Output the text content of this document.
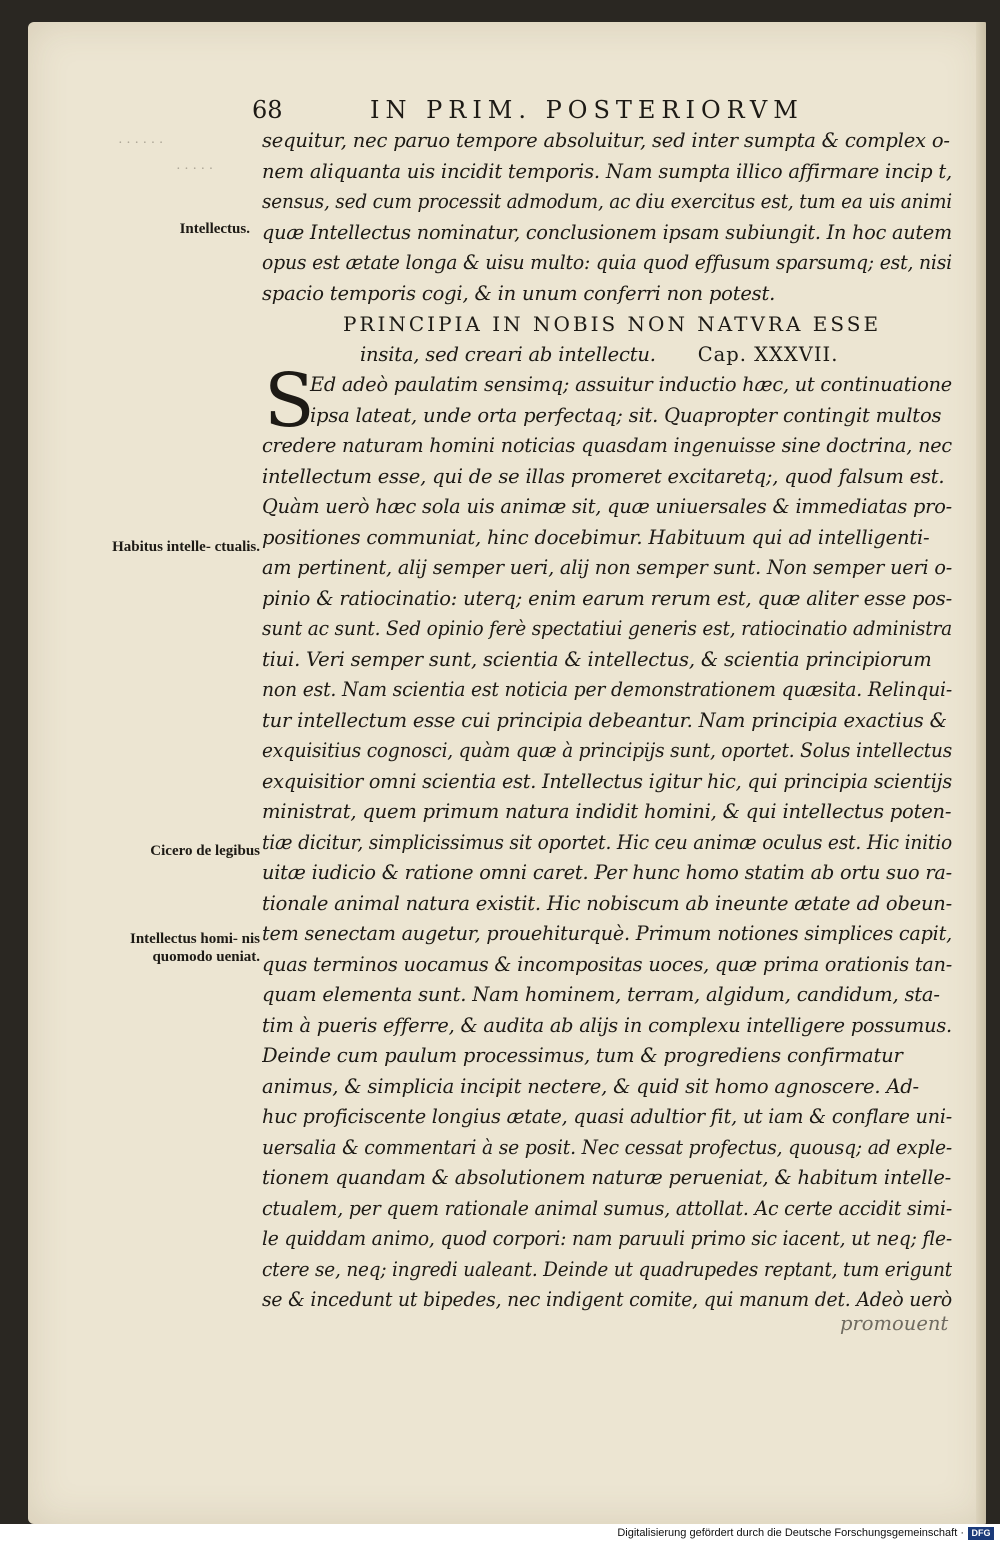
68	IN PRIM. POSTERIORVM
Intellectus.
Habitus intelle‐ ctualis.
Cicero de legibus
Intellectus homi‐ nis quomodo ueniat.
· · · · · ·
· · · · ·
S
sequitur, nec paruo tempore absoluitur, sed inter sumpta & complex o‐
nem aliquanta uis incidit temporis. Nam sumpta illico affirmare incip t,
sensus, sed cum processit admodum, ac diu exercitus est, tum ea uis animi
quæ Intellectus nominatur, conclusionem ipsam subiungit. In hoc autem
opus est ætate longa & uisu multo: quia quod effusum sparsumq; est, nisi
spacio temporis cogi, & in unum conferri non potest.
PRINCIPIA IN NOBIS NON NATVRA ESSE
insita, sed creari ab intellectu. Cap. XXXVII.
Ed adeò paulatim sensimq; assuitur inductio hæc, ut continuatione
ipsa lateat, unde orta perfectaq; sit. Quapropter contingit multos
credere naturam homini noticias quasdam ingenuisse sine doctrina, nec
intellectum esse, qui de se illas promeret excitaretq;, quod falsum est.
Quàm uerò hæc sola uis animæ sit, quæ uniuersales & immediatas pro‐
positiones communiat, hinc docebimur. Habituum qui ad intelligenti‐
am pertinent, alij semper ueri, alij non semper sunt. Non semper ueri o‐
pinio & ratiocinatio: uterq; enim earum rerum est, quæ aliter esse pos‐
sunt ac sunt. Sed opinio ferè spectatiui generis est, ratiocinatio administra
tiui. Veri semper sunt, scientia & intellectus, & scientia principiorum
non est. Nam scientia est noticia per demonstrationem quæsita. Relinqui‐
tur intellectum esse cui principia debeantur. Nam principia exactius &
exquisitius cognosci, quàm quæ à principijs sunt, oportet. Solus intellectus
exquisitior omni scientia est. Intellectus igitur hic, qui principia scientijs
ministrat, quem primum natura indidit homini, & qui intellectus poten‐
tiæ dicitur, simplicissimus sit oportet. Hic ceu animæ oculus est. Hic initio
uitæ iudicio & ratione omni caret. Per hunc homo statim ab ortu suo ra‐
tionale animal natura existit. Hic nobiscum ab ineunte ætate ad obeun‐
tem senectam augetur, prouehiturquè. Primum notiones simplices capit,
quas terminos uocamus & incompositas uoces, quæ prima orationis tan‐
quam elementa sunt. Nam hominem, terram, algidum, candidum, sta‐
tim à pueris efferre, & audita ab alijs in complexu intelligere possumus.
Deinde cum paulum processimus, tum & progrediens confirmatur
animus, & simplicia incipit nectere, & quid sit homo agnoscere. Ad‐
huc proficiscente longius ætate, quasi adultior fit, ut iam & conflare uni‐
uersalia & commentari à se posit. Nec cessat profectus, quousq; ad exple‐
tionem quandam & absolutionem naturæ perueniat, & habitum intelle‐
ctualem, per quem rationale animal sumus, attollat. Ac certe accidit simi‐
le quiddam animo, quod corpori: nam paruuli primo sic iacent, ut neq; fle‐
ctere se, neq; ingredi ualeant. Deinde ut quadrupedes reptant, tum erigunt
se & incedunt ut bipedes, nec indigent comite, qui manum det. Adeò uerò
promouent
Digitalisierung gefördert durch die Deutsche Forschungsgemeinschaft · DFG
